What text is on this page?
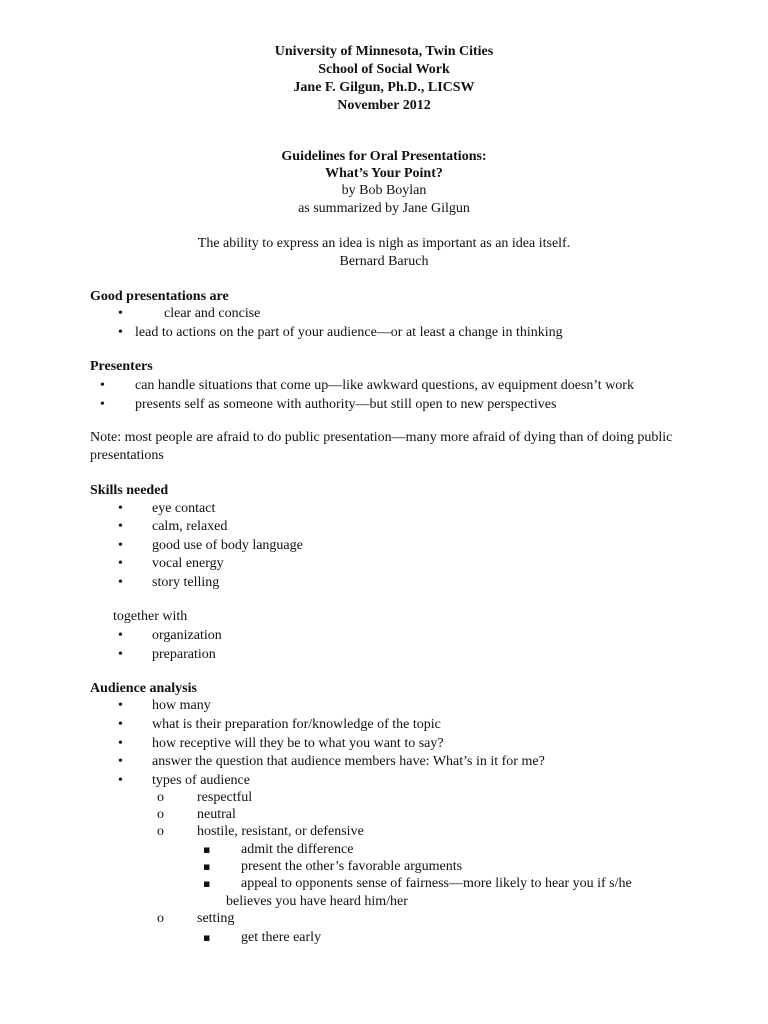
University of Minnesota, Twin Cities
School of Social Work
Jane F. Gilgun, Ph.D., LICSW
November 2012
Guidelines for Oral Presentations:
What’s Your Point?
by Bob Boylan
as summarized by Jane Gilgun
The ability to express an idea is nigh as important as an idea itself.
Bernard Baruch
Good presentations are
•	clear and concise
• lead to actions on the part of your audience—or at least a change in thinking
Presenters
• can handle situations that come up—like awkward questions, av equipment doesn’t work
• presents self as someone with authority—but still open to new perspectives
Note: most people are afraid to do public presentation—many more afraid of dying than of doing public presentations
Skills needed
• eye contact
• calm, relaxed
• good use of body language
• vocal energy
• story telling
together with
• organization
• preparation
Audience analysis
• how many
• what is their preparation for/knowledge of the topic
• how receptive will they be to what you want to say?
• answer the question that audience members have: What’s in it for me?
• types of audience
o respectful
o neutral
o hostile, resistant, or defensive
▪ admit the difference
▪ present the other’s favorable arguments
▪	appeal to opponents sense of fairness—more likely to hear you if s/he believes you have heard him/her
o setting
▪ get there early
